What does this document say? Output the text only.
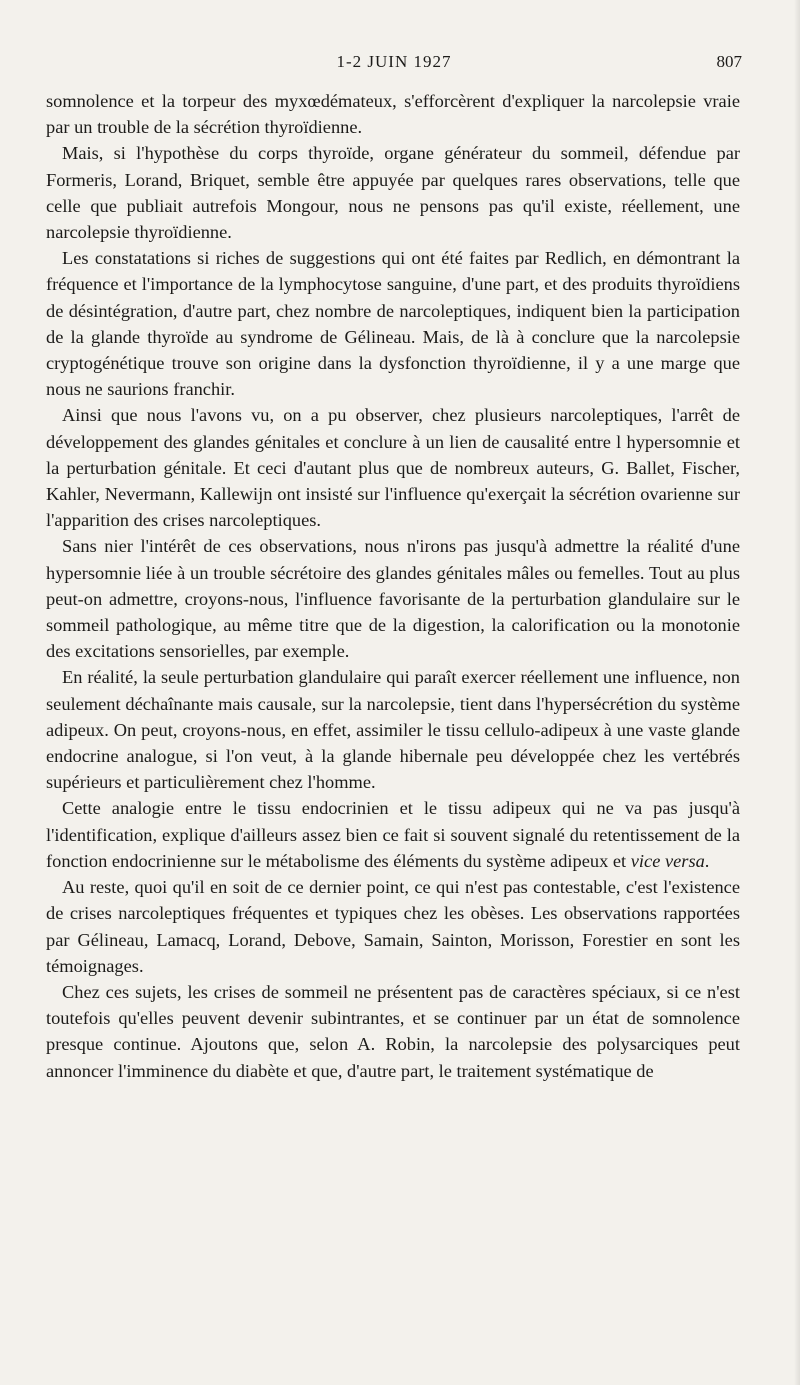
1-2 JUIN 1927	807

somnolence et la torpeur des myxœdémateux, s'efforcèrent d'expliquer la narcolepsie vraie par un trouble de la sécrétion thyroïdienne.

Mais, si l'hypothèse du corps thyroïde, organe générateur du sommeil, défendue par Formeris, Lorand, Briquet, semble être appuyée par quelques rares observations, telle que celle que publiait autrefois Mongour, nous ne pensons pas qu'il existe, réellement, une narcolepsie thyroïdienne.

Les constatations si riches de suggestions qui ont été faites par Redlich, en démontrant la fréquence et l'importance de la lymphocytose sanguine, d'une part, et des produits thyroïdiens de désintégration, d'autre part, chez nombre de narcoleptiques, indiquent bien la participation de la glande thyroïde au syndrome de Gélineau. Mais, de là à conclure que la narcolepsie cryptogénétique trouve son origine dans la dysfonction thyroïdienne, il y a une marge que nous ne saurions franchir.

Ainsi que nous l'avons vu, on a pu observer, chez plusieurs narcoleptiques, l'arrêt de développement des glandes génitales et conclure à un lien de causalité entre l hypersomnie et la perturbation génitale. Et ceci d'autant plus que de nombreux auteurs, G. Ballet, Fischer, Kahler, Nevermann, Kallewijn ont insisté sur l'influence qu'exerçait la sécrétion ovarienne sur l'apparition des crises narcoleptiques.

Sans nier l'intérêt de ces observations, nous n'irons pas jusqu'à admettre la réalité d'une hypersomnie liée à un trouble sécrétoire des glandes génitales mâles ou femelles. Tout au plus peut-on admettre, croyons-nous, l'influence favorisante de la perturbation glandulaire sur le sommeil pathologique, au même titre que de la digestion, la calorification ou la monotonie des excitations sensorielles, par exemple.

En réalité, la seule perturbation glandulaire qui paraît exercer réellement une influence, non seulement déchaînante mais causale, sur la narcolepsie, tient dans l'hypersécrétion du système adipeux. On peut, croyons-nous, en effet, assimiler le tissu cellulo-adipeux à une vaste glande endocrine analogue, si l'on veut, à la glande hibernale peu développée chez les vertébrés supérieurs et particulièrement chez l'homme.

Cette analogie entre le tissu endocrinien et le tissu adipeux qui ne va pas jusqu'à l'identification, explique d'ailleurs assez bien ce fait si souvent signalé du retentissement de la fonction endocrinienne sur le métabolisme des éléments du système adipeux et vice versa.

Au reste, quoi qu'il en soit de ce dernier point, ce qui n'est pas contestable, c'est l'existence de crises narcoleptiques fréquentes et typiques chez les obèses. Les observations rapportées par Gélineau, Lamacq, Lorand, Debove, Samain, Sainton, Morisson, Forestier en sont les témoignages.

Chez ces sujets, les crises de sommeil ne présentent pas de caractères spéciaux, si ce n'est toutefois qu'elles peuvent devenir subintrantes, et se continuer par un état de somnolence presque continue. Ajoutons que, selon A. Robin, la narcolepsie des polysarciques peut annoncer l'imminence du diabète et que, d'autre part, le traitement systématique de
